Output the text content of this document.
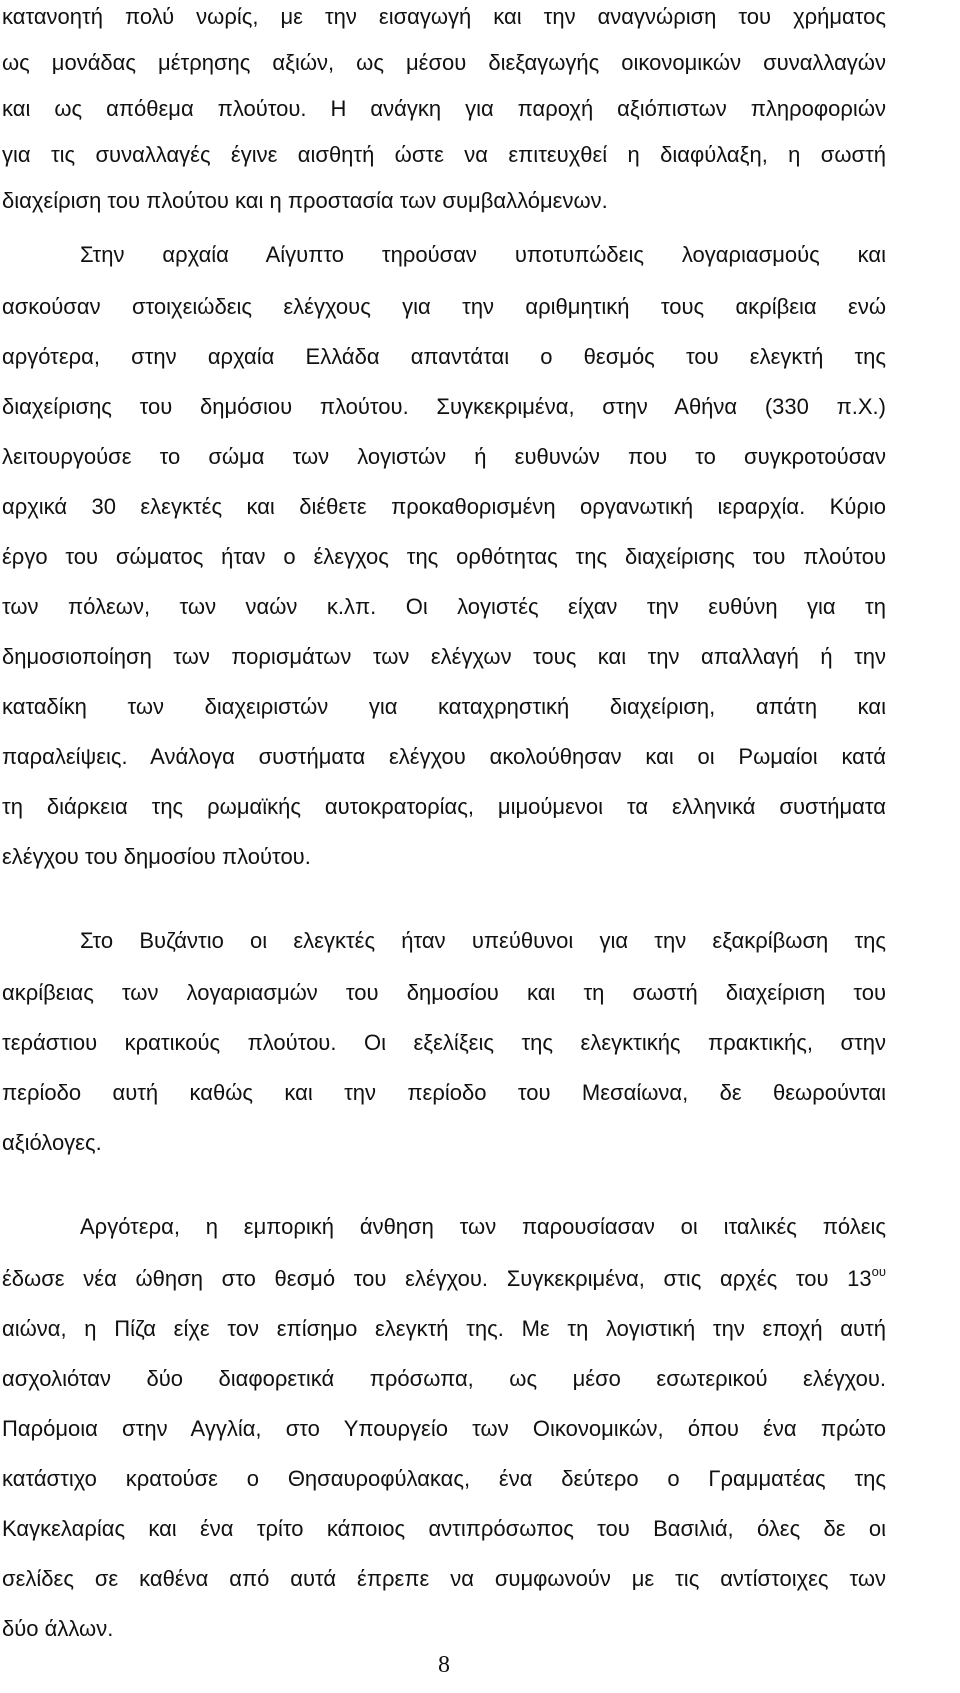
κατανοητή πολύ νωρίς, με την εισαγωγή και την αναγνώριση του χρήματος
ως μονάδας μέτρησης αξιών, ως μέσου διεξαγωγής οικονομικών συναλλαγών
και ως απόθεμα πλούτου. Η ανάγκη για παροχή αξιόπιστων πληροφοριών
για τις συναλλαγές έγινε αισθητή ώστε να επιτευχθεί η διαφύλαξη, η σωστή
διαχείριση του πλούτου και η προστασία των συμβαλλόμενων.
Στην αρχαία Αίγυπτο τηρούσαν υποτυπώδεις λογαριασμούς και
ασκούσαν στοιχειώδεις ελέγχους για την αριθμητική τους ακρίβεια ενώ
αργότερα, στην αρχαία Ελλάδα απαντάται ο θεσμός του ελεγκτή της
διαχείρισης του δημόσιου πλούτου. Συγκεκριμένα, στην Αθήνα (330 π.Χ.)
λειτουργούσε το σώμα των λογιστών ή ευθυνών που το συγκροτούσαν
αρχικά 30 ελεγκτές και διέθετε προκαθορισμένη οργανωτική ιεραρχία. Κύριο
έργο του σώματος ήταν ο έλεγχος της ορθότητας της διαχείρισης του πλούτου
των πόλεων, των ναών κ.λπ. Οι λογιστές είχαν την ευθύνη για τη
δημοσιοποίηση των πορισμάτων των ελέγχων τους και την απαλλαγή ή την
καταδίκη των διαχειριστών για καταχρηστική διαχείριση, απάτη και
παραλείψεις. Ανάλογα συστήματα ελέγχου ακολούθησαν και οι Ρωμαίοι κατά
τη διάρκεια της ρωμαϊκής αυτοκρατορίας, μιμούμενοι τα ελληνικά συστήματα
ελέγχου του δημοσίου πλούτου.
Στο Βυζάντιο οι ελεγκτές ήταν υπεύθυνοι για την εξακρίβωση της
ακρίβειας των λογαριασμών του δημοσίου και τη σωστή διαχείριση του
τεράστιου κρατικούς πλούτου. Οι εξελίξεις της ελεγκτικής πρακτικής, στην
περίοδο αυτή καθώς και την περίοδο του Μεσαίωνα, δε θεωρούνται
αξιόλογες.
Αργότερα, η εμπορική άνθηση των παρουσίασαν οι ιταλικές πόλεις
έδωσε νέα ώθηση στο θεσμό του ελέγχου. Συγκεκριμένα, στις αρχές του $13^{o\upsilon}$
αιώνα, η Πίζα είχε τον επίσημο ελεγκτή της. Με τη λογιστική την εποχή αυτή
ασχολιόταν δύο διαφορετικά πρόσωπα, ως μέσο εσωτερικού ελέγχου.
Παρόμοια στην Αγγλία, στο Υπουργείο των Οικονομικών, όπου ένα πρώτο
κατάστιχο κρατούσε ο Θησαυροφύλακας, ένα δεύτερο ο Γραμματέας της
Καγκελαρίας και ένα τρίτο κάποιος αντιπρόσωπος του Βασιλιά, όλες δε οι
σελίδες σε καθένα από αυτά έπρεπε να συμφωνούν με τις αντίστοιχες των
δύο άλλων.
8
